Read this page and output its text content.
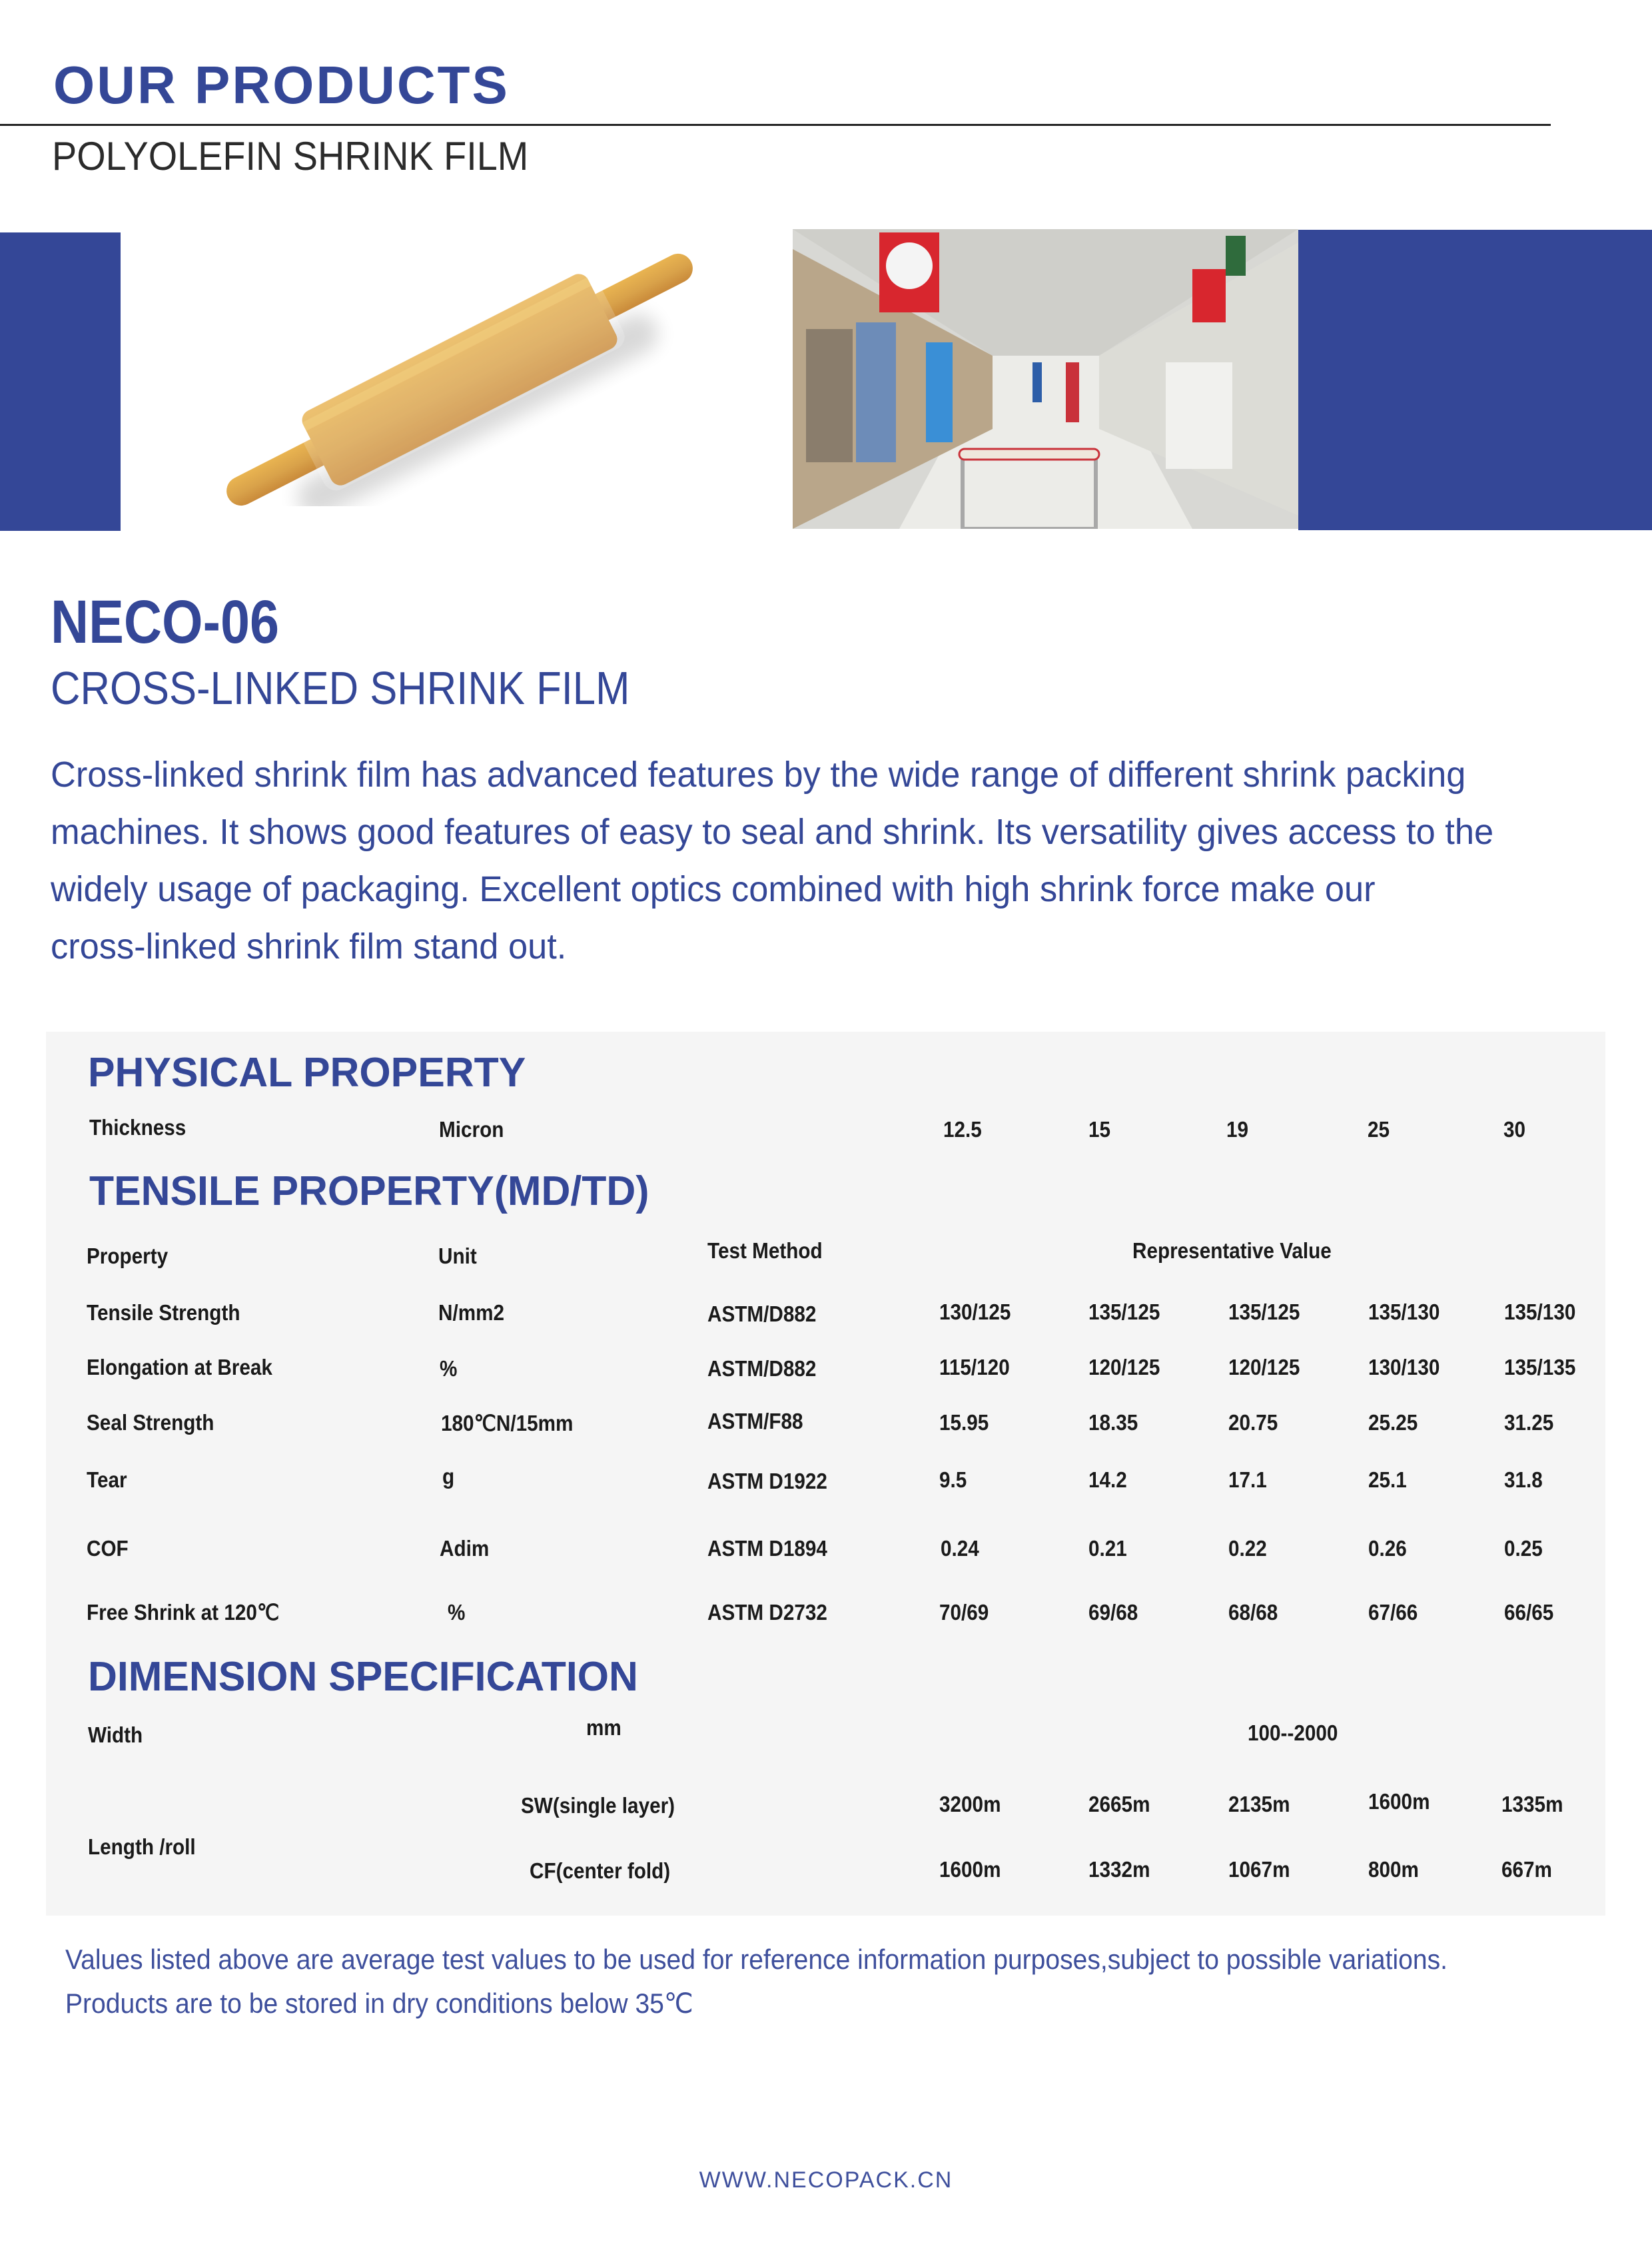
OUR PRODUCTS
POLYOLEFIN SHRINK FILM
NECO-06
CROSS-LINKED SHRINK FILM

Cross-linked shrink film has advanced features by the wide range of different shrink packing

machines. It shows good features of easy to seal and shrink. Its versatility gives access to the

widely usage of packaging. Excellent optics combined with high shrink force make our

cross-linked shrink film stand out.

PHYSICAL PROPERTY
Thickness	Micron	12.5	15	19	25	30
TENSILE PROPERTY(MD/TD)
Property	Unit	Test Method	Representative Value
Tensile Strength	N/mm2	ASTM/D882	130/125	135/125	135/125	135/130	135/130
Elongation at Break	%	ASTM/D882	115/120	120/125	120/125	130/130	135/135
Seal Strength	180℃N/15mm	ASTM/F88	15.95	18.35	20.75	25.25	31.25
Tear	g	ASTM D1922	9.5	14.2	17.1	25.1	31.8
COF	Adim	ASTM D1894	0.24	0.21	0.22	0.26	0.25
Free Shrink at 120℃	%	ASTM D2732	70/69	69/68	68/68	67/66	66/65
DIMENSION SPECIFICATION
Width	mm	100--2000
Length /roll
SW(single layer)	3200m	2665m	2135m	1600m	1335m
CF(center fold)	1600m	1332m	1067m	800m	667m
Values listed above are average test values to be used for reference information purposes,subject to possible variations.
Products are to be stored in dry conditions below 35℃
WWW.NECOPACK.CN
